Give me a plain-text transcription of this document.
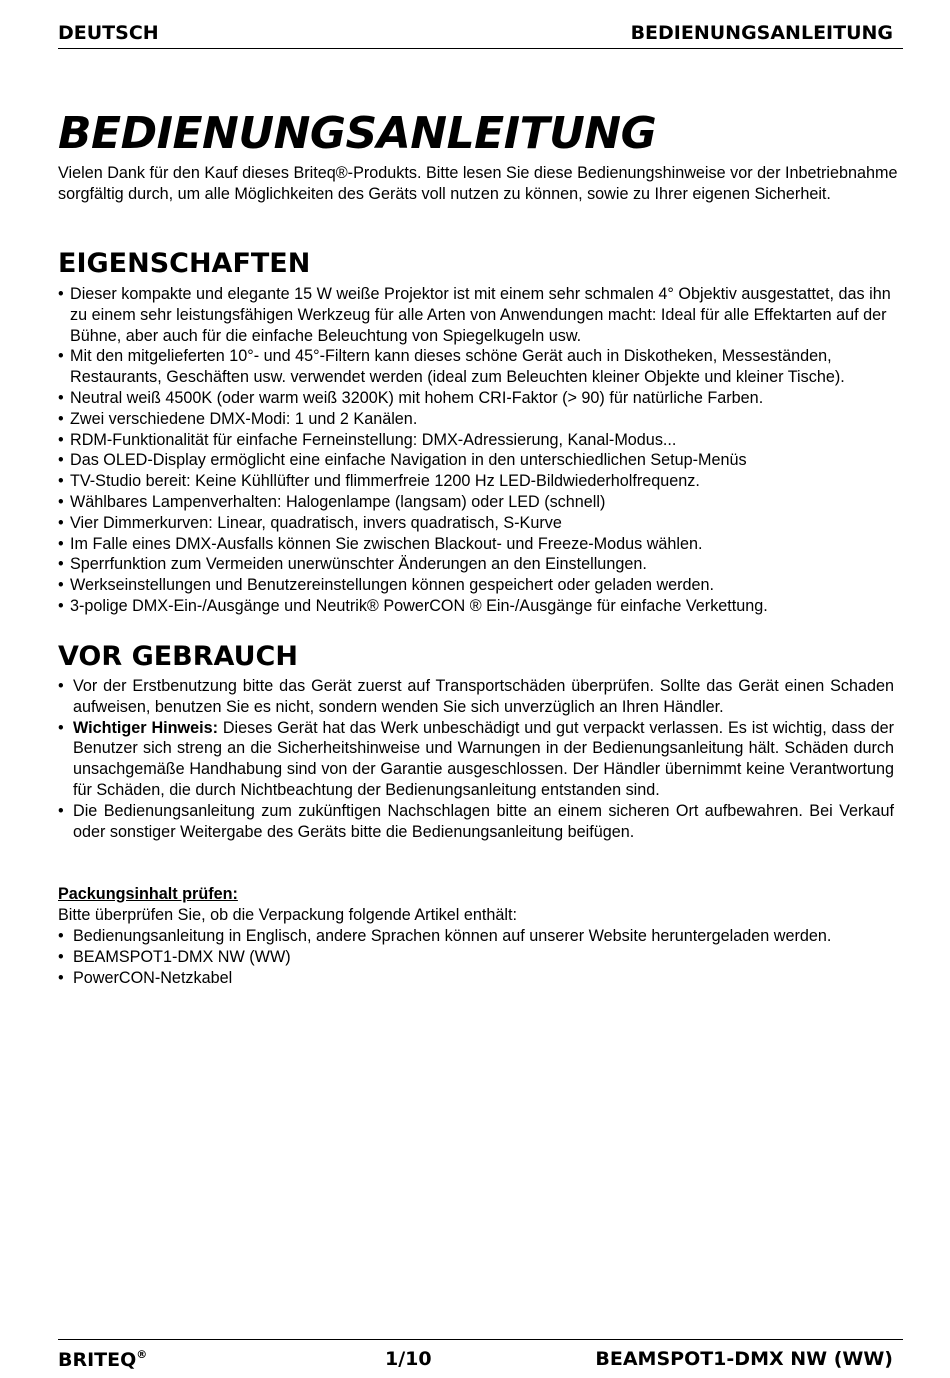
DEUTSCH	BEDIENUNGSANLEITUNG
BEDIENUNGSANLEITUNG

Vielen Dank für den Kauf dieses Briteq®-Produkts. Bitte lesen Sie diese Bedienungshinweise vor der Inbetriebnahme sorgfältig durch, um alle Möglichkeiten des Geräts voll nutzen zu können, sowie zu Ihrer eigenen Sicherheit.

EIGENSCHAFTEN
• Dieser kompakte und elegante 15 W weiße Projektor ist mit einem sehr schmalen 4° Objektiv ausgestattet, das ihn zu einem sehr leistungsfähigen Werkzeug für alle Arten von Anwendungen macht: Ideal für alle Effektarten auf der Bühne, aber auch für die einfache Beleuchtung von Spiegelkugeln usw.
• Mit den mitgelieferten 10°- und 45°-Filtern kann dieses schöne Gerät auch in Diskotheken, Messeständen, Restaurants, Geschäften usw. verwendet werden (ideal zum Beleuchten kleiner Objekte und kleiner Tische).
• Neutral weiß 4500K (oder warm weiß 3200K) mit hohem CRI-Faktor (> 90) für natürliche Farben.
• Zwei verschiedene DMX-Modi: 1 und 2 Kanälen.
• RDM-Funktionalität für einfache Ferneinstellung: DMX-Adressierung, Kanal-Modus...
• Das OLED-Display ermöglicht eine einfache Navigation in den unterschiedlichen Setup-Menüs
• TV-Studio bereit: Keine Kühllüfter und flimmerfreie 1200 Hz LED-Bildwiederholfrequenz.
• Wählbares Lampenverhalten: Halogenlampe (langsam) oder LED (schnell)
• Vier Dimmerkurven: Linear, quadratisch, invers quadratisch, S-Kurve
• Im Falle eines DMX-Ausfalls können Sie zwischen Blackout- und Freeze-Modus wählen.
• Sperrfunktion zum Vermeiden unerwünschter Änderungen an den Einstellungen.
• Werkseinstellungen und Benutzereinstellungen können gespeichert oder geladen werden.
• 3-polige DMX-Ein-/Ausgänge und Neutrik® PowerCON ® Ein-/Ausgänge für einfache Verkettung.
VOR GEBRAUCH
• Vor der Erstbenutzung bitte das Gerät zuerst auf Transportschäden überprüfen. Sollte das Gerät einen Schaden aufweisen, benutzen Sie es nicht, sondern wenden Sie sich unverzüglich an Ihren Händler.
• Wichtiger Hinweis: Dieses Gerät hat das Werk unbeschädigt und gut verpackt verlassen. Es ist wichtig, dass der Benutzer sich streng an die Sicherheitshinweise und Warnungen in der Bedienungsanleitung hält. Schäden durch unsachgemäße Handhabung sind von der Garantie ausgeschlossen. Der Händler übernimmt keine Verantwortung für Schäden, die durch Nichtbeachtung der Bedienungsanleitung entstanden sind.
• Die Bedienungsanleitung zum zukünftigen Nachschlagen bitte an einem sicheren Ort aufbewahren. Bei Verkauf oder sonstiger Weitergabe des Geräts bitte die Bedienungsanleitung beifügen.

Packungsinhalt prüfen:

Bitte überprüfen Sie, ob die Verpackung folgende Artikel enthält:

• Bedienungsanleitung in Englisch, andere Sprachen können auf unserer Website heruntergeladen werden.
• BEAMSPOT1-DMX NW (WW)
• PowerCON-Netzkabel
BRITEQ®	1/10	BEAMSPOT1-DMX NW (WW)
